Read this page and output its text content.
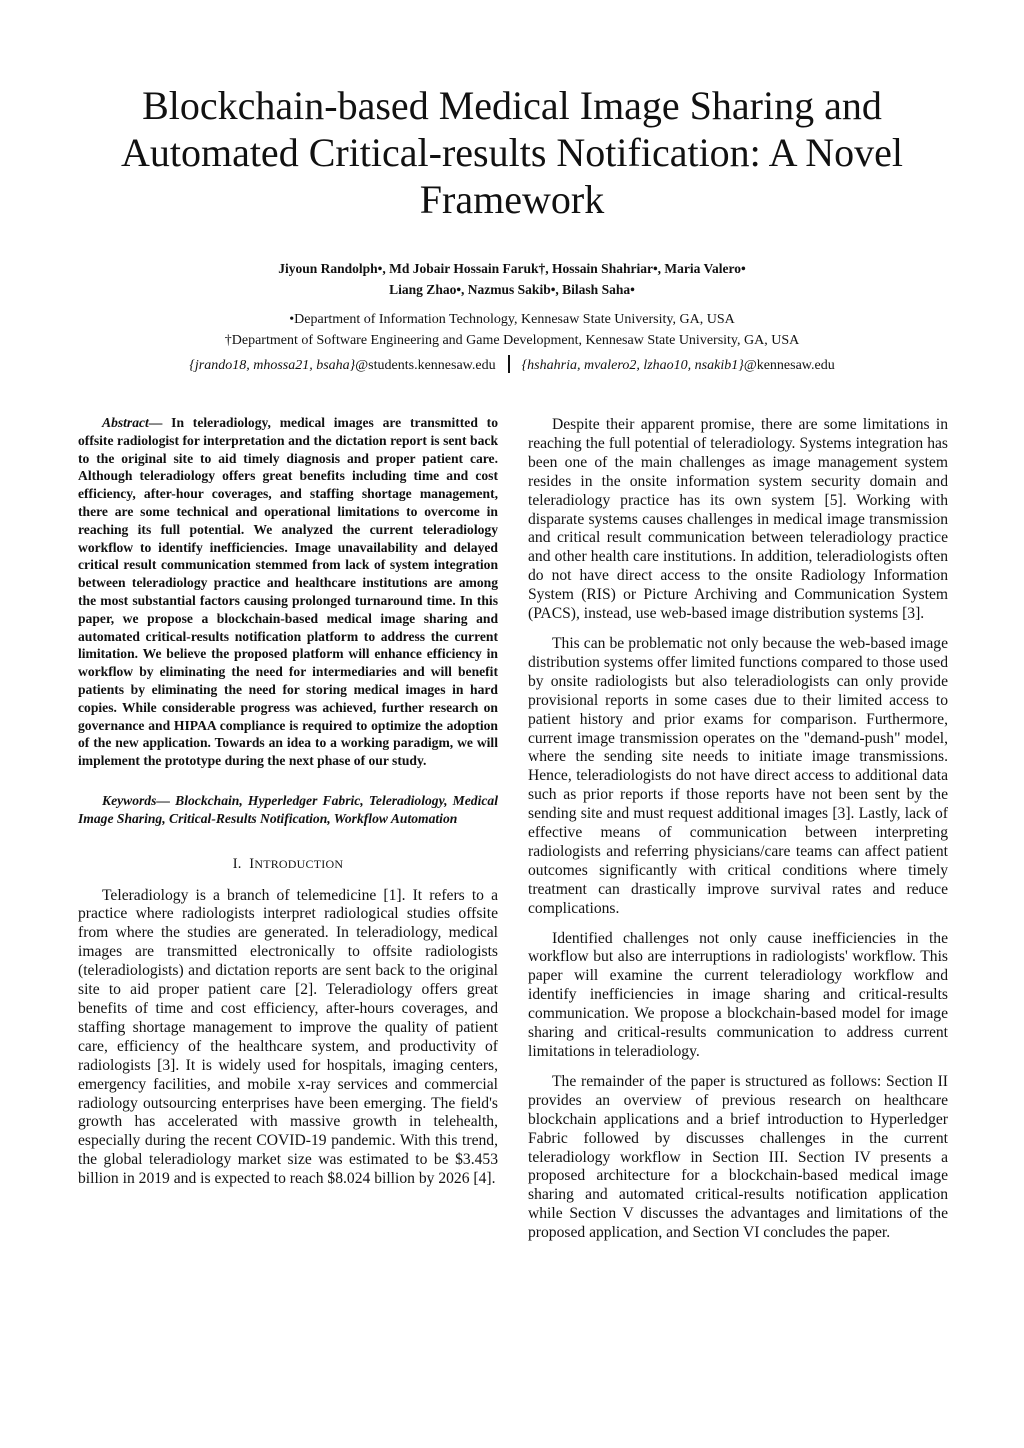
Blockchain-based Medical Image Sharing and Automated Critical-results Notification: A Novel Framework
Jiyoun Randolph•, Md Jobair Hossain Faruk†, Hossain Shahriar•, Maria Valero•
Liang Zhao•, Nazmus Sakib•, Bilash Saha•
•Department of Information Technology, Kennesaw State University, GA, USA
†Department of Software Engineering and Game Development, Kennesaw State University, GA, USA
{jrando18, mhossa21, bsaha}@students.kennesaw.edu {hshahria, mvalero2, lzhao10, nsakib1}@kennesaw.edu

Abstract— In teleradiology, medical images are transmitted to offsite radiologist for interpretation and the dictation report is sent back to the original site to aid timely diagnosis and proper patient care. Although teleradiology offers great benefits including time and cost efficiency, after-hour coverages, and staffing shortage management, there are some technical and operational limitations to overcome in reaching its full potential. We analyzed the current teleradiology workflow to identify inefficiencies. Image unavailability and delayed critical result communication stemmed from lack of system integration between teleradiology practice and healthcare institutions are among the most substantial factors causing prolonged turnaround time. In this paper, we propose a blockchain-based medical image sharing and automated critical-results notification platform to address the current limitation. We believe the proposed platform will enhance efficiency in workflow by eliminating the need for intermediaries and will benefit patients by eliminating the need for storing medical images in hard copies. While considerable progress was achieved, further research on governance and HIPAA compliance is required to optimize the adoption of the new application. Towards an idea to a working paradigm, we will implement the prototype during the next phase of our study.

Keywords— Blockchain, Hyperledger Fabric, Teleradiology, Medical Image Sharing, Critical-Results Notification, Workflow Automation

I. INTRODUCTION

Teleradiology is a branch of telemedicine [1]. It refers to a practice where radiologists interpret radiological studies offsite from where the studies are generated. In teleradiology, medical images are transmitted electronically to offsite radiologists (teleradiologists) and dictation reports are sent back to the original site to aid proper patient care [2]. Teleradiology offers great benefits of time and cost efficiency, after-hours coverages, and staffing shortage management to improve the quality of patient care, efficiency of the healthcare system, and productivity of radiologists [3]. It is widely used for hospitals, imaging centers, emergency facilities, and mobile x-ray services and commercial radiology outsourcing enterprises have been emerging. The field's growth has accelerated with massive growth in telehealth, especially during the recent COVID-19 pandemic. With this trend, the global teleradiology market size was estimated to be $3.453 billion in 2019 and is expected to reach $8.024 billion by 2026 [4].

Despite their apparent promise, there are some limitations in reaching the full potential of teleradiology. Systems integration has been one of the main challenges as image management system resides in the onsite information system security domain and teleradiology practice has its own system [5]. Working with disparate systems causes challenges in medical image transmission and critical result communication between teleradiology practice and other health care institutions. In addition, teleradiologists often do not have direct access to the onsite Radiology Information System (RIS) or Picture Archiving and Communication System (PACS), instead, use web-based image distribution systems [3].

This can be problematic not only because the web-based image distribution systems offer limited functions compared to those used by onsite radiologists but also teleradiologists can only provide provisional reports in some cases due to their limited access to patient history and prior exams for comparison. Furthermore, current image transmission operates on the "demand-push" model, where the sending site needs to initiate image transmissions. Hence, teleradiologists do not have direct access to additional data such as prior reports if those reports have not been sent by the sending site and must request additional images [3]. Lastly, lack of effective means of communication between interpreting radiologists and referring physicians/care teams can affect patient outcomes significantly with critical conditions where timely treatment can drastically improve survival rates and reduce complications.

Identified challenges not only cause inefficiencies in the workflow but also are interruptions in radiologists' workflow. This paper will examine the current teleradiology workflow and identify inefficiencies in image sharing and critical-results communication. We propose a blockchain-based model for image sharing and critical-results communication to address current limitations in teleradiology.

The remainder of the paper is structured as follows: Section II provides an overview of previous research on healthcare blockchain applications and a brief introduction to Hyperledger Fabric followed by discusses challenges in the current teleradiology workflow in Section III. Section IV presents a proposed architecture for a blockchain-based medical image sharing and automated critical-results notification application while Section V discusses the advantages and limitations of the proposed application, and Section VI concludes the paper.
